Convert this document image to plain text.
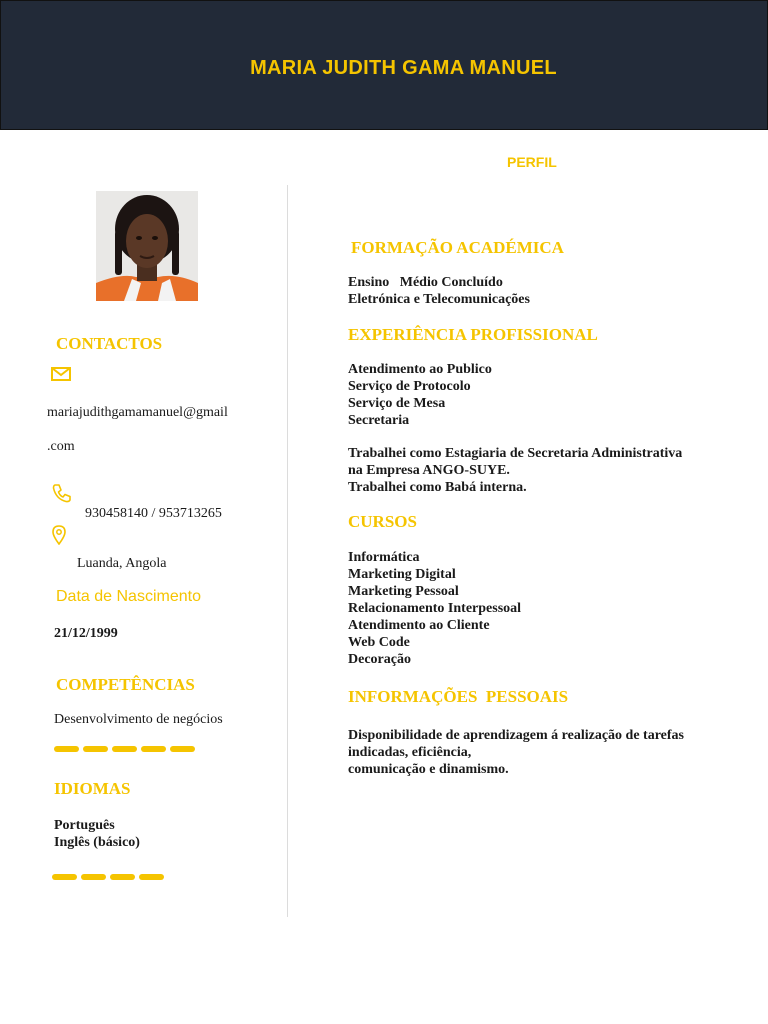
MARIA JUDITH GAMA MANUEL
CONTACTOS
mariajudithgamamanuel@gmail
.com
930458140 / 953713265
Luanda, Angola
Data de Nascimento
21/12/1999
COMPETÊNCIAS
Desenvolvimento de negócios
IDIOMAS
Português
Inglês (básico)
PERFIL
FORMAÇÃO ACADÉMICA
Ensino   Médio Concluído
Eletrónica e Telecomunicações
EXPERIÊNCIA PROFISSIONAL
Atendimento ao Publico
Serviço de Protocolo
Serviço de Mesa
Secretaria
Trabalhei como Estagiaria de Secretaria Administrativa
na Empresa ANGO-SUYE.
Trabalhei como Babá interna.
CURSOS
Informática
Marketing Digital
Marketing Pessoal
Relacionamento Interpessoal
Atendimento ao Cliente
Web Code
Decoração
INFORMAÇÕES  PESSOAIS
Disponibilidade de aprendizagem á realização de tarefas
indicadas, eficiência,
comunicação e dinamismo.
